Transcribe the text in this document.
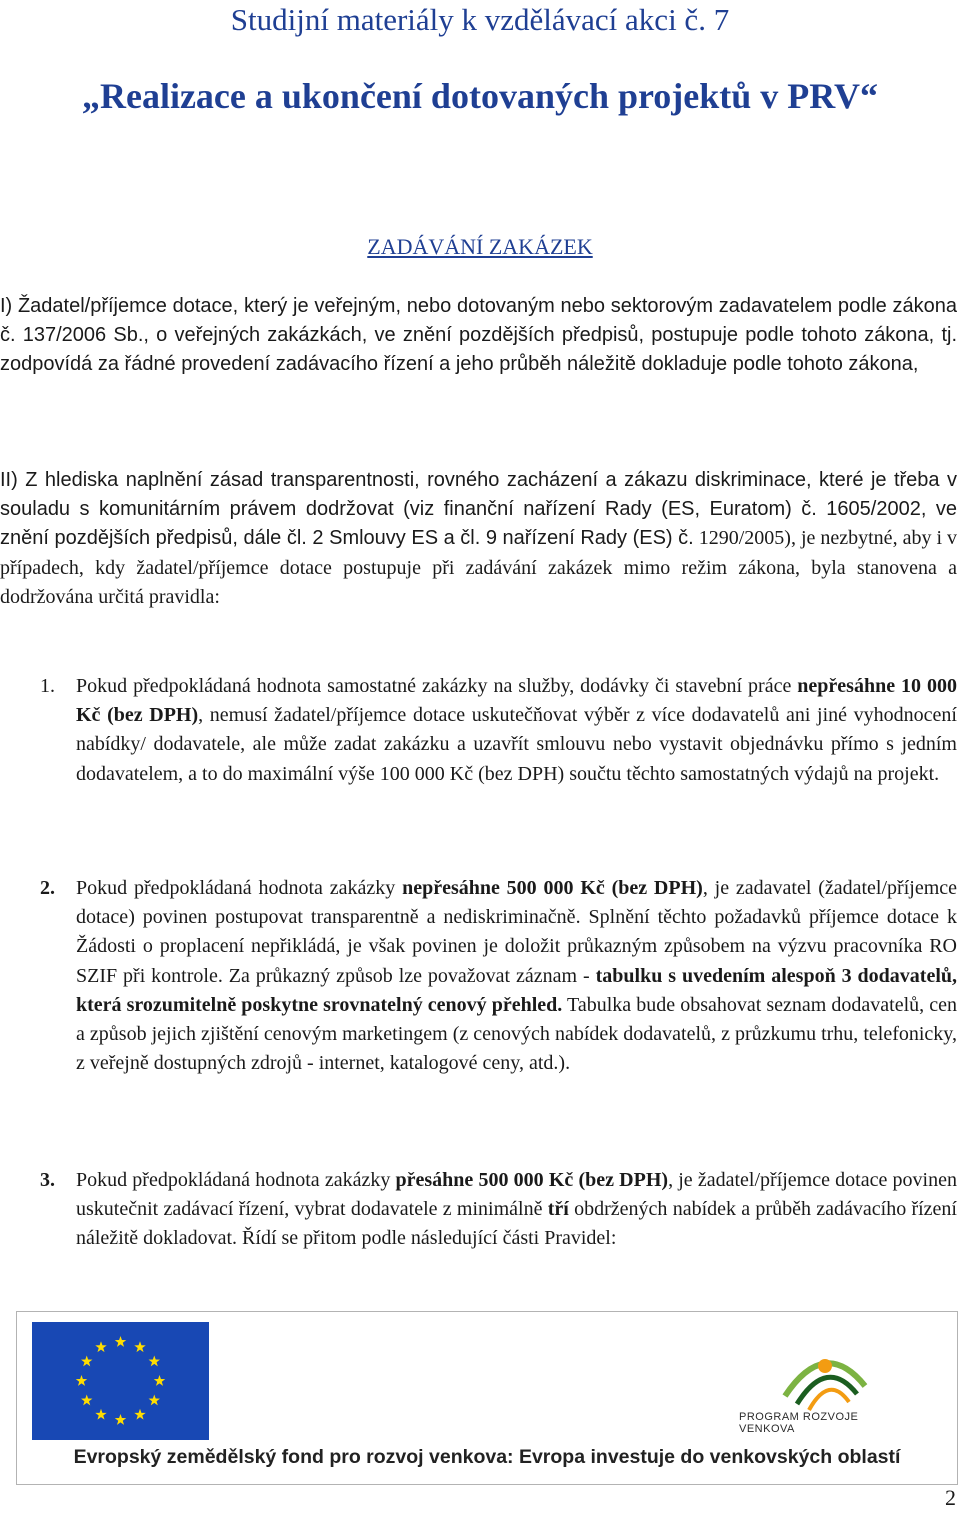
Studijní materiály k vzdělávací akci č. 7
„Realizace a ukončení dotovaných projektů v PRV“
ZADÁVÁNÍ ZAKÁZEK
I) Žadatel/příjemce dotace, který je veřejným, nebo dotovaným nebo sektorovým zadavatelem podle zákona č. 137/2006 Sb., o veřejných zakázkách, ve znění pozdějších předpisů, postupuje podle tohoto zákona, tj. zodpovídá za řádné provedení zadávacího řízení a jeho průběh náležitě dokladuje podle tohoto zákona,
II) Z hlediska naplnění zásad transparentnosti, rovného zacházení a zákazu diskriminace, které je třeba v souladu s komunitárním právem dodržovat (viz finanční nařízení Rady (ES, Euratom) č. 1605/2002, ve znění pozdějších předpisů, dále čl. 2 Smlouvy ES a čl. 9 nařízení Rady (ES) č. 1290/2005), je nezbytné, aby i v případech, kdy žadatel/příjemce dotace postupuje při zadávání zakázek mimo režim zákona, byla stanovena a dodržována určitá pravidla:
1. Pokud předpokládaná hodnota samostatné zakázky na služby, dodávky či stavební práce nepřesáhne 10 000 Kč (bez DPH), nemusí žadatel/příjemce dotace uskutečňovat výběr z více dodavatelů ani jiné vyhodnocení nabídky/ dodavatele, ale může zadat zakázku a uzavřít smlouvu nebo vystavit objednávku přímo s jedním dodavatelem, a to do maximální výše 100 000 Kč (bez DPH) součtu těchto samostatných výdajů na projekt.
2. Pokud předpokládaná hodnota zakázky nepřesáhne 500 000 Kč (bez DPH), je zadavatel (žadatel/příjemce dotace) povinen postupovat transparentně a nediskriminačně. Splnění těchto požadavků příjemce dotace k Žádosti o proplacení nepřikládá, je však povinen je doložit průkazným způsobem na výzvu pracovníka RO SZIF při kontrole. Za průkazný způsob lze považovat záznam - tabulku s uvedením alespoň 3 dodavatelů, která srozumitelně poskytne srovnatelný cenový přehled. Tabulka bude obsahovat seznam dodavatelů, cen a způsob jejich zjištění cenovým marketingem (z cenových nabídek dodavatelů, z průzkumu trhu, telefonicky, z veřejně dostupných zdrojů - internet, katalogové ceny, atd.).
3. Pokud předpokládaná hodnota zakázky přesáhne 500 000 Kč (bez DPH), je žadatel/příjemce dotace povinen uskutečnit zadávací řízení, vybrat dodavatele z minimálně tří obdržených nabídek a průběh zadávacího řízení náležitě dokladovat. Řídí se přitom podle následující části Pravidel:
PROGRAM ROZVOJE VENKOVA
Evropský zemědělský fond pro rozvoj venkova: Evropa investuje do venkovských oblastí
2
